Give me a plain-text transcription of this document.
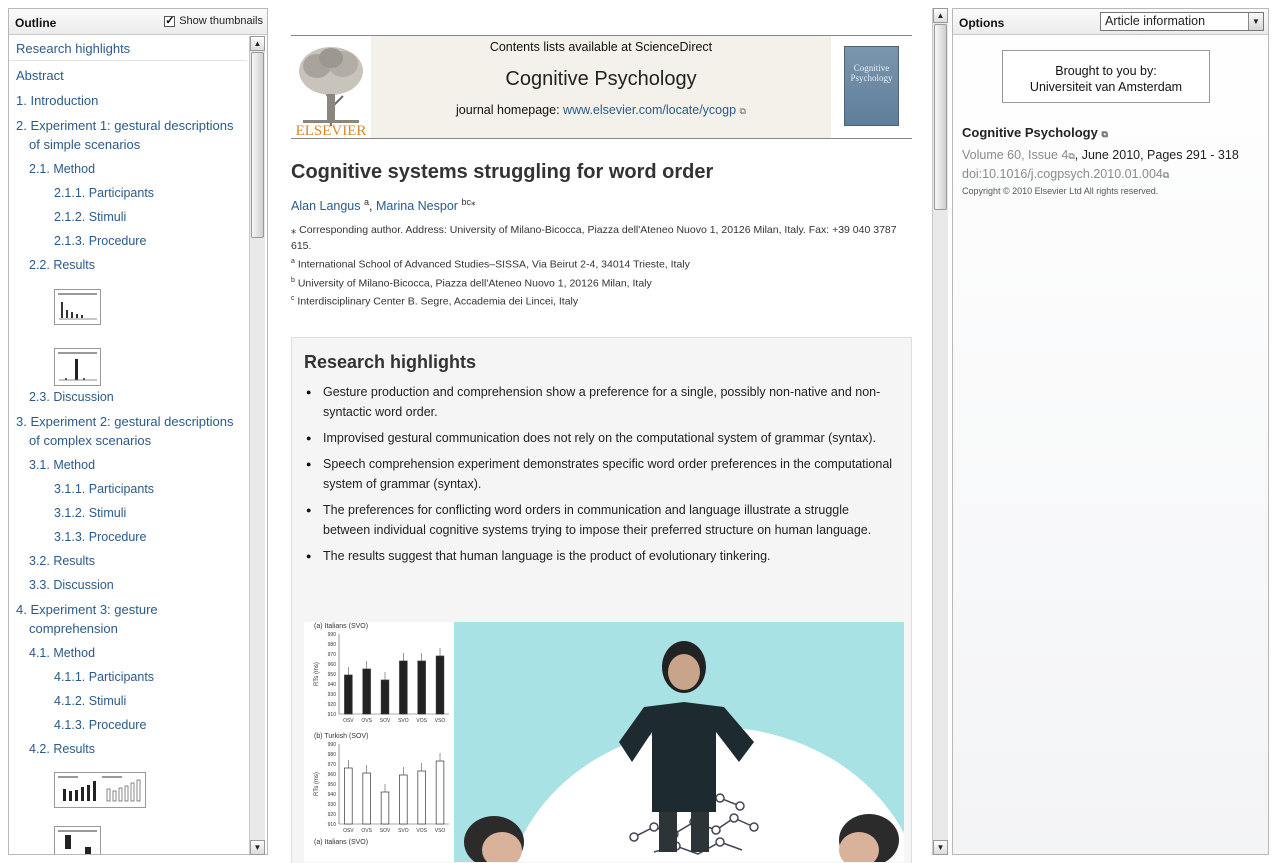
Outline
✓	Show thumbnails
Research highlights
Abstract
1. Introduction
2. Experiment 1: gestural descriptions of simple scenarios
2.1. Method
2.1.1. Participants
2.1.2. Stimuli
2.1.3. Procedure
2.2. Results
2.3. Discussion
3. Experiment 2: gestural descriptions of complex scenarios
3.1. Method
3.1.1. Participants
3.1.2. Stimuli
3.1.3. Procedure
3.2. Results
3.3. Discussion
4. Experiment 3: gesture comprehension
4.1. Method
4.1.1. Participants
4.1.2. Stimuli
4.1.3. Procedure
4.2. Results
▲
▼
ELSEVIER
Contents lists available at ScienceDirect
Cognitive Psychology
journal homepage: www.elsevier.com/locate/ycogp ⧉
Cognitive Psychology
Cognitive systems struggling for word order
Alan Langus $^a$, Marina Nespor $^{bc⁎}$
⁎ Corresponding author. Address: University of Milano-Bicocca, Piazza dell'Ateneo Nuovo 1, 20126 Milan, Italy. Fax: +39 040 3787 615.
$^a$ International School of Advanced Studies–SISSA, Via Beirut 2-4, 34014 Trieste, Italy
$^b$ University of Milano-Bicocca, Piazza dell'Ateneo Nuovo 1, 20126 Milan, Italy
$^c$ Interdisciplinary Center B. Segre, Accademia dei Lincei, Italy
Research highlights
● Gesture production and comprehension show a preference for a single, possibly non-native and non-syntactic word order.
● Improvised gestural communication does not rely on the computational system of grammar (syntax).
● Speech comprehension experiment demonstrates specific word order preferences in the computational system of grammar (syntax).
● The preferences for conflicting word orders in communication and language illustrate a struggle between individual cognitive systems trying to impose their preferred structure on human language.
● The results suggest that human language is the product of evolutionary tinkering.
(a) Italians (SVO)
990
980
970
960
950
940
930
920
910
RTs (ms)
OSV OVS SOV SVO VOS VSO
(b) Turkish (SOV)
990
980
970
960
950
940
930
920
910
RTs (ms)
OSV OVS SOV SVO VOS VSO
(a) Italians (SVO)
▲
▼
Options	Article information	▼
Brought to you by:
Universiteit van Amsterdam
Cognitive Psychology ⧉
Volume 60, Issue 4⧉, June 2010, Pages 291 - 318
doi:10.1016/j.cogpsych.2010.01.004⧉
Copyright © 2010 Elsevier Ltd All rights reserved.
